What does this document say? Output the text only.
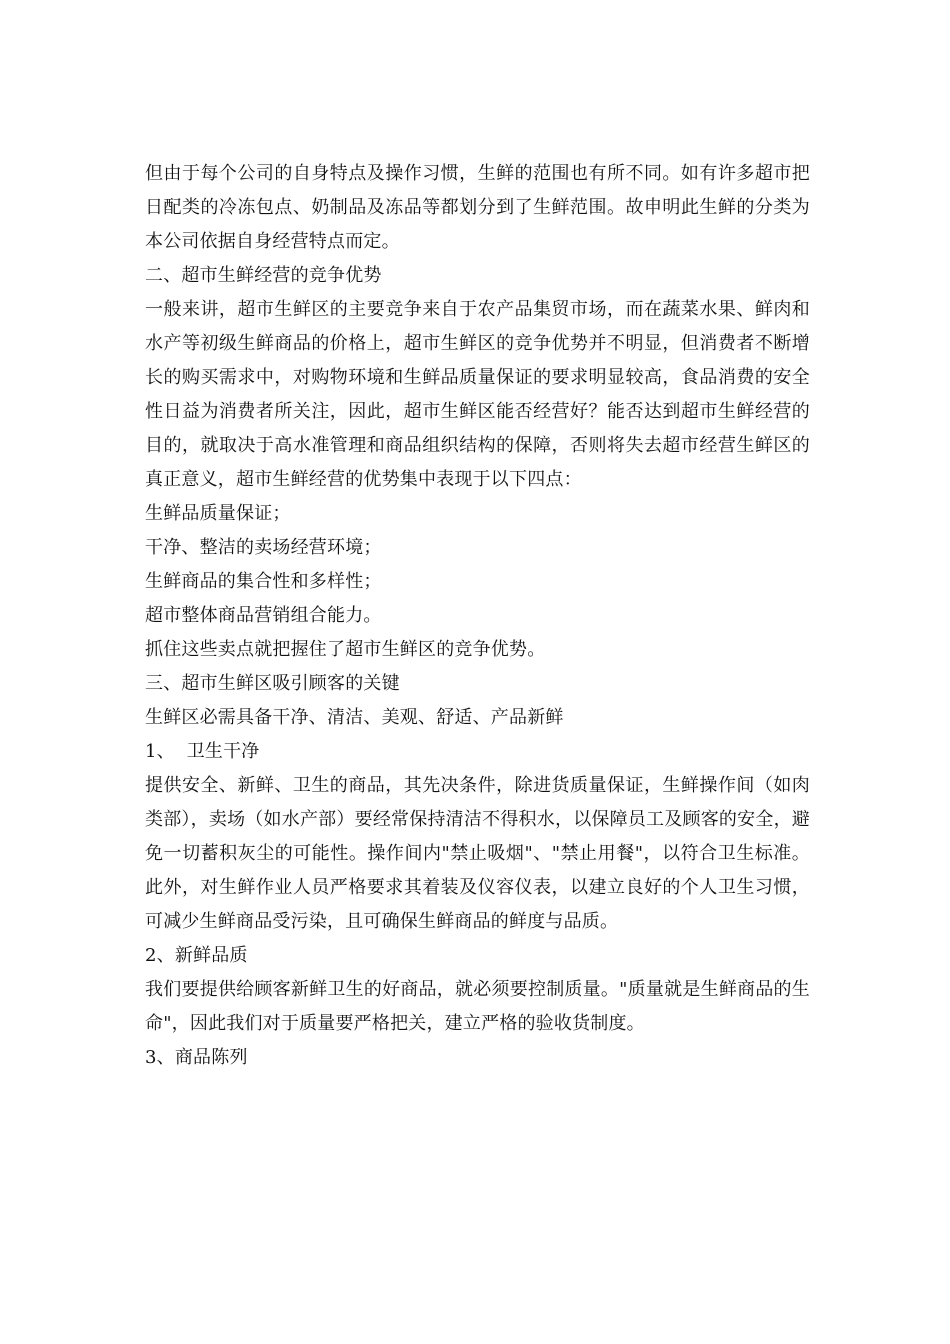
但由于每个公司的自身特点及操作习惯，生鲜的范围也有所不同。如有许多超市把日配类的冷冻包点、奶制品及冻品等都划分到了生鲜范围。故申明此生鲜的分类为本公司依据自身经营特点而定。

二、超市生鲜经营的竞争优势

一般来讲，超市生鲜区的主要竞争来自于农产品集贸市场，而在蔬菜水果、鲜肉和水产等初级生鲜商品的价格上，超市生鲜区的竞争优势并不明显，但消费者不断增长的购买需求中，对购物环境和生鲜品质量保证的要求明显较高，食品消费的安全性日益为消费者所关注，因此，超市生鲜区能否经营好？能否达到超市生鲜经营的目的，就取决于高水准管理和商品组织结构的保障，否则将失去超市经营生鲜区的真正意义，超市生鲜经营的优势集中表现于以下四点：

生鲜品质量保证；

干净、整洁的卖场经营环境；

生鲜商品的集合性和多样性；

超市整体商品营销组合能力。

抓住这些卖点就把握住了超市生鲜区的竞争优势。

三、超市生鲜区吸引顾客的关键

生鲜区必需具备干净、清洁、美观、舒适、产品新鲜

1、  卫生干净

提供安全、新鲜、卫生的商品，其先决条件，除进货质量保证，生鲜操作间（如肉类部），卖场（如水产部）要经常保持清洁不得积水，以保障员工及顾客的安全，避免一切蓄积灰尘的可能性。操作间内"禁止吸烟"、"禁止用餐"，以符合卫生标准。此外，对生鲜作业人员严格要求其着装及仪容仪表，以建立良好的个人卫生习惯，可减少生鲜商品受污染，且可确保生鲜商品的鲜度与品质。

2、新鲜品质

我们要提供给顾客新鲜卫生的好商品，就必须要控制质量。"质量就是生鲜商品的生命"，因此我们对于质量要严格把关，建立严格的验收货制度。

3、商品陈列
